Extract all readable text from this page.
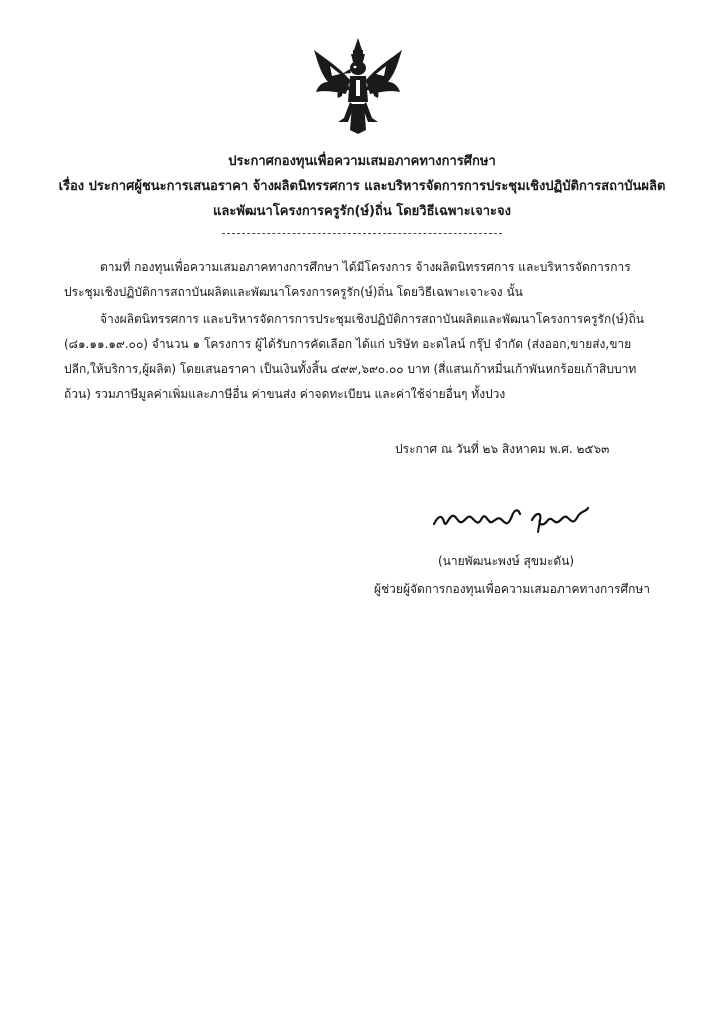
ประกาศกองทุนเพื่อความเสมอภาคทางการศึกษา
เรื่อง ประกาศผู้ชนะการเสนอราคา จ้างผลิตนิทรรศการ และบริหารจัดการการประชุมเชิงปฏิบัติการสถาบันผลิต
และพัฒนาโครงการครูรัก(ษ์)ถิ่น โดยวิธีเฉพาะเจาะจง
ตามที่ กองทุนเพื่อความเสมอภาคทางการศึกษา ได้มีโครงการ จ้างผลิตนิทรรศการ และบริหารจัดการการ
ประชุมเชิงปฏิบัติการสถาบันผลิตและพัฒนาโครงการครูรัก(ษ์)ถิ่น โดยวิธีเฉพาะเจาะจง นั้น
จ้างผลิตนิทรรศการ และบริหารจัดการการประชุมเชิงปฏิบัติการสถาบันผลิตและพัฒนาโครงการครูรัก(ษ์)ถิ่น
(๘๑.๑๑.๑๙.๐๐) จำนวน ๑ โครงการ ผู้ได้รับการคัดเลือก ได้แก่ บริษัท อะดไลน์ กรุ๊ป จำกัด (ส่งออก,ขายส่ง,ขาย
ปลีก,ให้บริการ,ผู้ผลิต) โดยเสนอราคา เป็นเงินทั้งสิ้น ๔๙๙,๖๙๐.๐๐ บาท (สี่แสนเก้าหมื่นเก้าพันหกร้อยเก้าสิบบาท
ถ้วน) รวมภาษีมูลค่าเพิ่มและภาษีอื่น ค่าขนส่ง ค่าจดทะเบียน และค่าใช้จ่ายอื่นๆ ทั้งปวง
ประกาศ ณ วันที่ ๒๖ สิงหาคม พ.ศ. ๒๕๖๓
(นายพัฒนะพงษ์ สุขมะดัน)
ผู้ช่วยผู้จัดการกองทุนเพื่อความเสมอภาคทางการศึกษา
